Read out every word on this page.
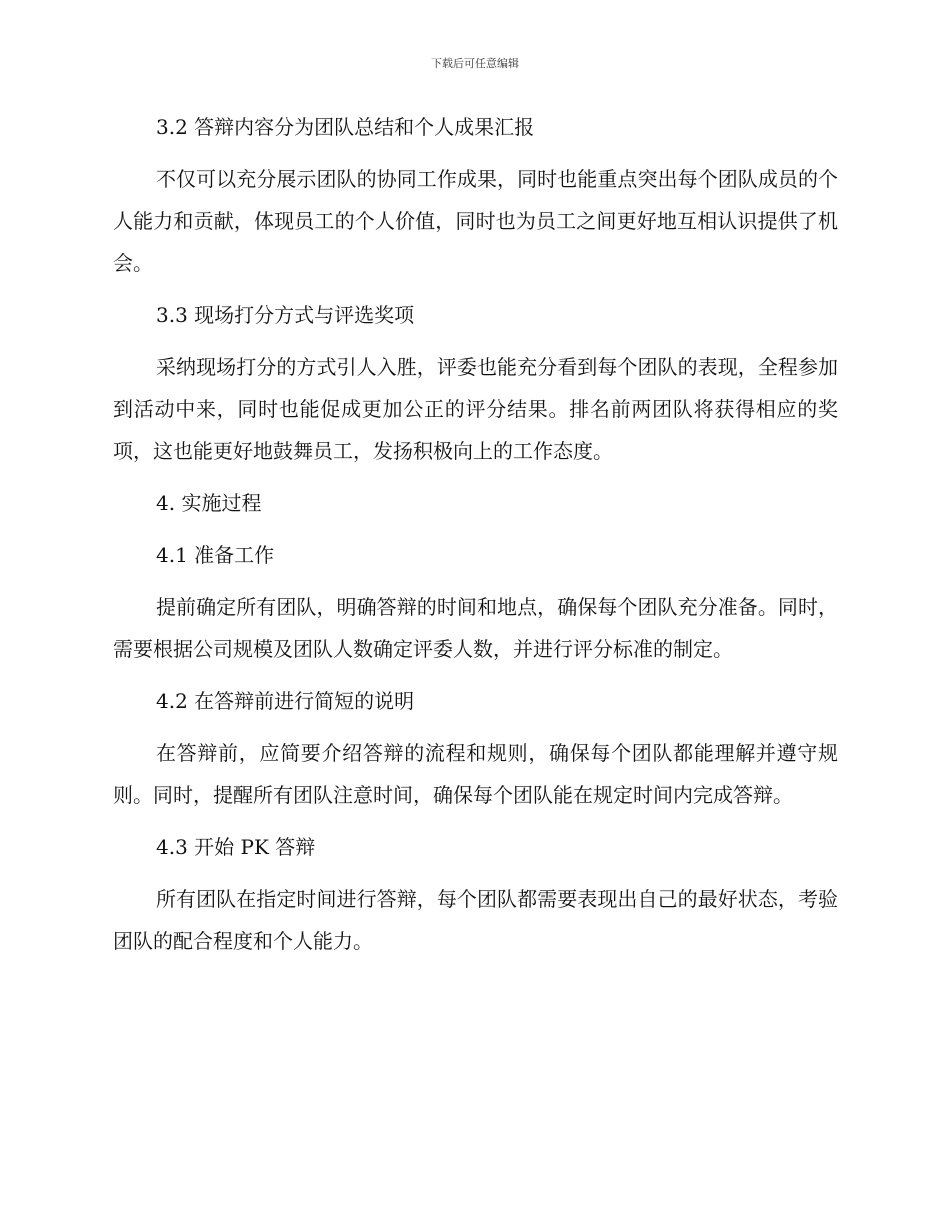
下载后可任意编辑
3.2 答辩内容分为团队总结和个人成果汇报

不仅可以充分展示团队的协同工作成果，同时也能重点突出每个团队成员的个人能力和贡献，体现员工的个人价值，同时也为员工之间更好地互相认识提供了机会。

3.3 现场打分方式与评选奖项

采纳现场打分的方式引人入胜，评委也能充分看到每个团队的表现，全程参加到活动中来，同时也能促成更加公正的评分结果。排名前两团队将获得相应的奖项，这也能更好地鼓舞员工，发扬积极向上的工作态度。

4. 实施过程
4.1 准备工作

提前确定所有团队，明确答辩的时间和地点，确保每个团队充分准备。同时，需要根据公司规模及团队人数确定评委人数，并进行评分标准的制定。

4.2 在答辩前进行简短的说明

在答辩前，应简要介绍答辩的流程和规则，确保每个团队都能理解并遵守规则。同时，提醒所有团队注意时间，确保每个团队能在规定时间内完成答辩。

4.3 开始 PK 答辩

所有团队在指定时间进行答辩，每个团队都需要表现出自己的最好状态，考验团队的配合程度和个人能力。
